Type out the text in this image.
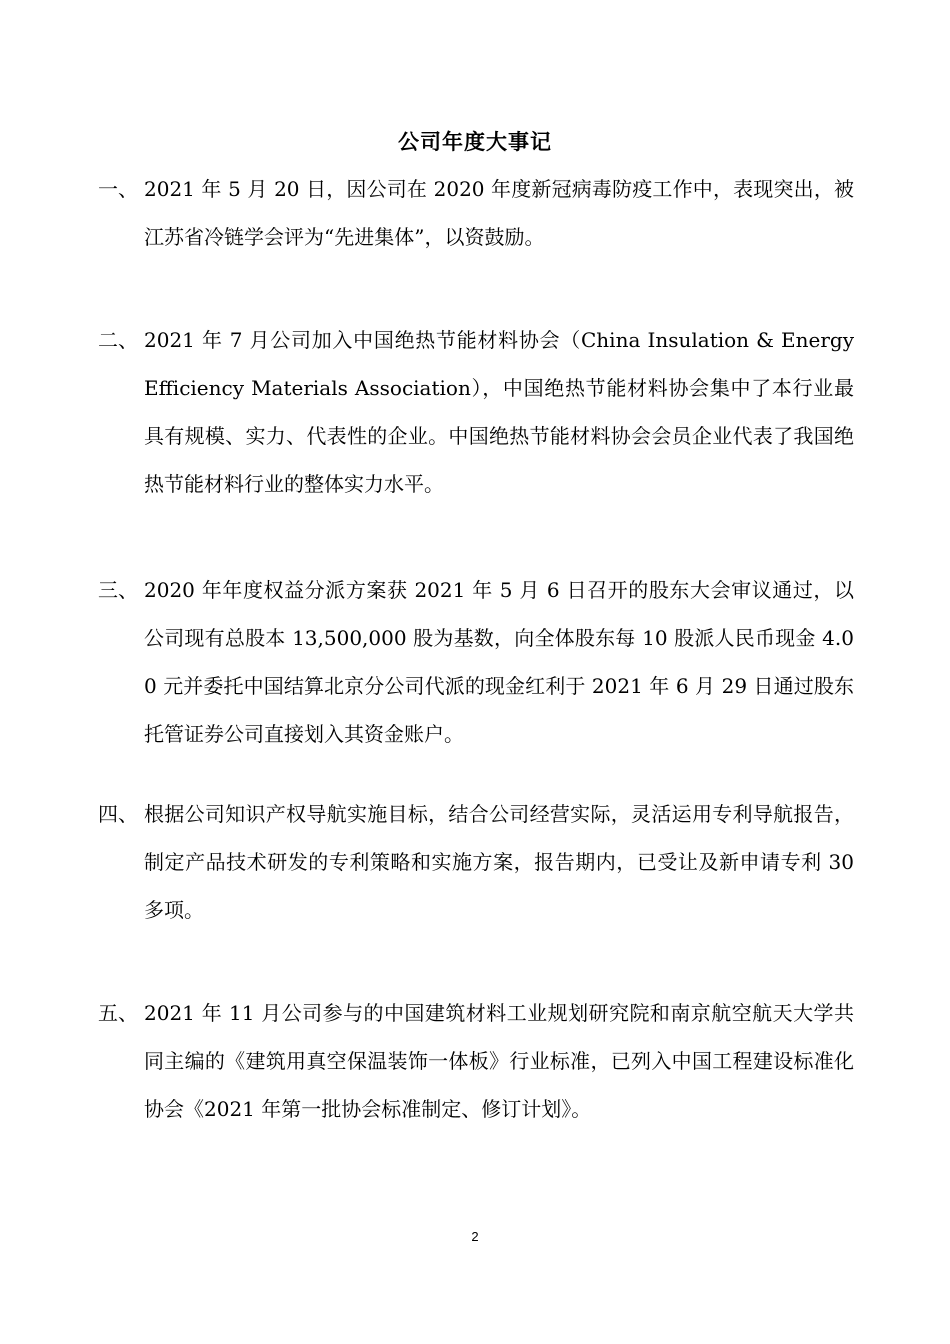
公司年度大事记
一、 2021 年 5 月 20 日，因公司在 2020 年度新冠病毒防疫工作中，表现突出，被江苏省冷链学会评为“先进集体”，以资鼓励。
二、 2021 年 7 月公司加入中国绝热节能材料协会（China Insulation & Energy Efficiency Materials Association），中国绝热节能材料协会集中了本行业最具有规模、实力、代表性的企业。中国绝热节能材料协会会员企业代表了我国绝热节能材料行业的整体实力水平。
三、 2020 年年度权益分派方案获 2021 年 5 月 6 日召开的股东大会审议通过，以公司现有总股本 13,500,000 股为基数，向全体股东每 10 股派人民币现金 4.00 元并委托中国结算北京分公司代派的现金红利于 2021 年 6 月 29 日通过股东托管证券公司直接划入其资金账户。
四、 根据公司知识产权导航实施目标，结合公司经营实际，灵活运用专利导航报告，制定产品技术研发的专利策略和实施方案，报告期内，已受让及新申请专利 30 多项。
五、 2021 年 11 月公司参与的中国建筑材料工业规划研究院和南京航空航天大学共同主编的《建筑用真空保温装饰一体板》行业标准，已列入中国工程建设标准化协会《2021 年第一批协会标准制定、修订计划》。
2
